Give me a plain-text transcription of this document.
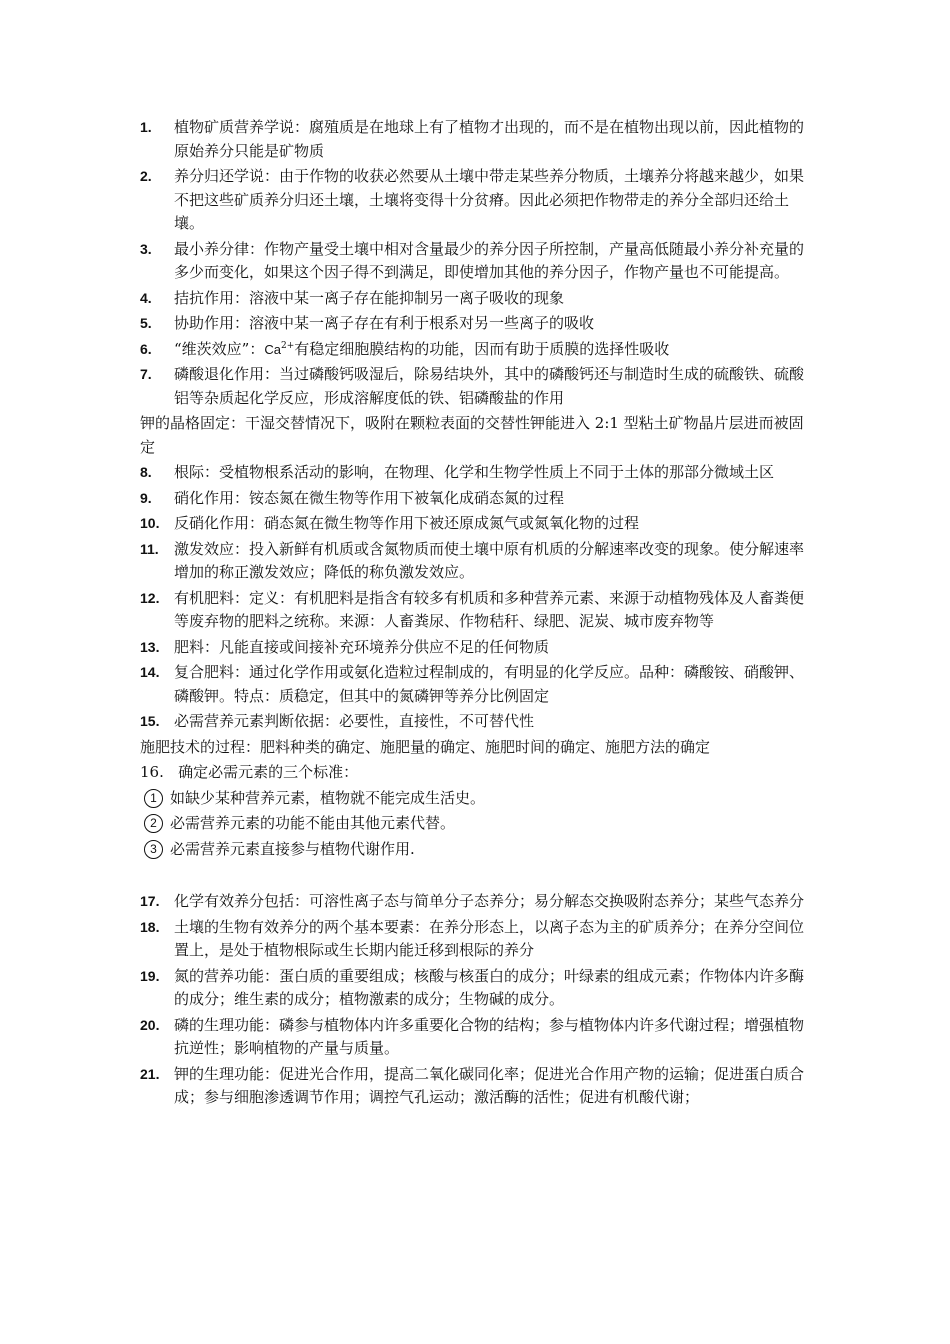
1. 植物矿质营养学说：腐殖质是在地球上有了植物才出现的，而不是在植物出现以前，因此植物的原始养分只能是矿物质
2. 养分归还学说：由于作物的收获必然要从土壤中带走某些养分物质，土壤养分将越来越少，如果不把这些矿质养分归还土壤，土壤将变得十分贫瘠。因此必须把作物带走的养分全部归还给土壤。
3. 最小养分律：作物产量受土壤中相对含量最少的养分因子所控制，产量高低随最小养分补充量的多少而变化，如果这个因子得不到满足，即使增加其他的养分因子，作物产量也不可能提高。
4. 拮抗作用：溶液中某一离子存在能抑制另一离子吸收的现象
5. 协助作用：溶液中某一离子存在有利于根系对另一些离子的吸收
6. “维茨效应”：$Ca^{2+}$有稳定细胞膜结构的功能，因而有助于质膜的选择性吸收
7. 磷酸退化作用：当过磷酸钙吸湿后，除易结块外，其中的磷酸钙还与制造时生成的硫酸铁、硫酸铝等杂质起化学反应，形成溶解度低的铁、铝磷酸盐的作用
钾的晶格固定：干湿交替情况下，吸附在颗粒表面的交替性钾能进入 2:1 型粘土矿物晶片层进而被固定
8. 根际：受植物根系活动的影响，在物理、化学和生物学性质上不同于土体的那部分微域土区
9. 硝化作用：铵态氮在微生物等作用下被氧化成硝态氮的过程
10. 反硝化作用：硝态氮在微生物等作用下被还原成氮气或氮氧化物的过程
11. 激发效应：投入新鲜有机质或含氮物质而使土壤中原有机质的分解速率改变的现象。使分解速率增加的称正激发效应；降低的称负激发效应。
12. 有机肥料：定义：有机肥料是指含有较多有机质和多种营养元素、来源于动植物残体及人畜粪便等废弃物的肥料之统称。来源：人畜粪尿、作物秸秆、绿肥、泥炭、城市废弃物等
13. 肥料：凡能直接或间接补充环境养分供应不足的任何物质
14. 复合肥料：通过化学作用或氨化造粒过程制成的，有明显的化学反应。品种：磷酸铵、硝酸钾、磷酸钾。特点：质稳定，但其中的氮磷钾等养分比例固定
15. 必需营养元素判断依据：必要性，直接性，不可替代性
施肥技术的过程：肥料种类的确定、施肥量的确定、施肥时间的确定、施肥方法的确定
16.   确定必需元素的三个标准：
1 如缺少某种营养元素，植物就不能完成生活史。
2 必需营养元素的功能不能由其他元素代替。
3 必需营养元素直接参与植物代谢作用.
17. 化学有效养分包括：可溶性离子态与简单分子态养分；易分解态交换吸附态养分；某些气态养分
18. 土壤的生物有效养分的两个基本要素：在养分形态上，以离子态为主的矿质养分；在养分空间位置上，是处于植物根际或生长期内能迁移到根际的养分
19. 氮的营养功能：蛋白质的重要组成；核酸与核蛋白的成分；叶绿素的组成元素；作物体内许多酶的成分；维生素的成分；植物激素的成分；生物碱的成分。
20. 磷的生理功能：磷参与植物体内许多重要化合物的结构；参与植物体内许多代谢过程；增强植物抗逆性；影响植物的产量与质量。
21. 钾的生理功能：促进光合作用，提高二氧化碳同化率；促进光合作用产物的运输；促进蛋白质合成；参与细胞渗透调节作用；调控气孔运动；激活酶的活性；促进有机酸代谢；
